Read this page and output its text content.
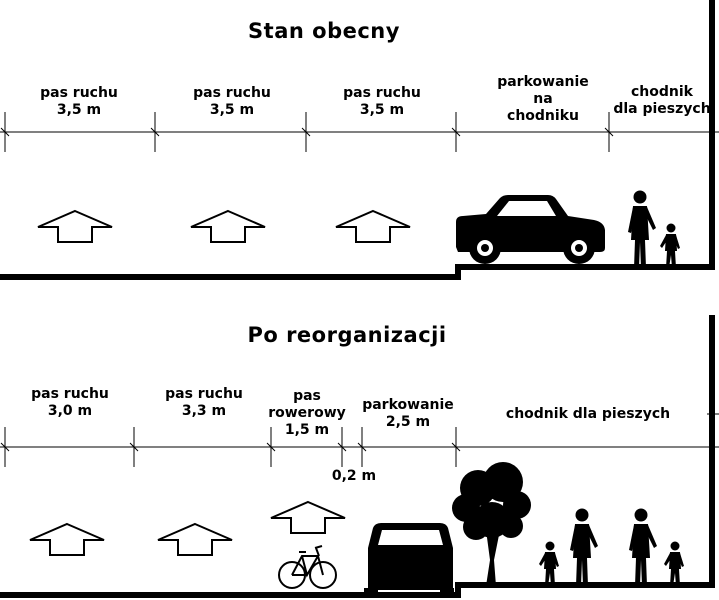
Stan obecny
Po reorganizacji
pas ruchu
3,5 m
pas ruchu
3,5 m
pas ruchu
3,5 m
parkowanie
na
chodniku
chodnik
dla pieszych
pas ruchu
3,0 m
pas ruchu
3,3 m
pas
rowerowy
1,5 m
0,2 m
parkowanie
2,5 m	chodnik dla pieszych
